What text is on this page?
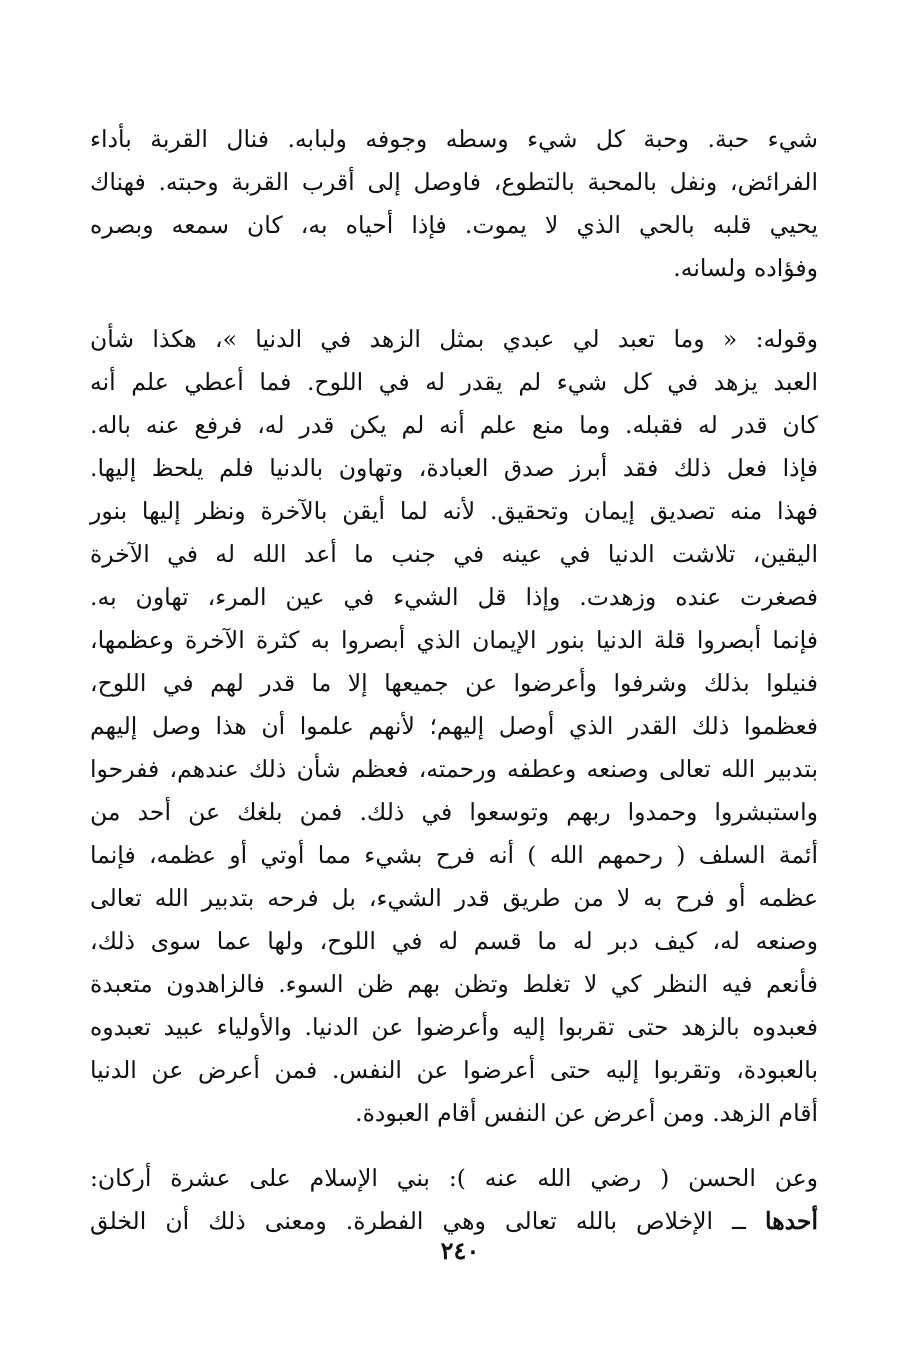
شيء حبة. وحبة كل شيء وسطه وجوفه ولبابه. فنال القربة بأداء
الفرائض، ونفل بالمحبة بالتطوع، فاوصل إلى أقرب القربة وحبته. فهناك
يحيي قلبه بالحي الذي لا يموت. فإذا أحياه به، كان سمعه وبصره
وفؤاده ولسانه.

وقوله: « وما تعبد لي عبدي بمثل الزهد في الدنيا »، هكذا شأن
العبد يزهد في كل شيء لم يقدر له في اللوح. فما أعطي علم أنه
كان قدر له فقبله. وما منع علم أنه لم يكن قدر له، فرفع عنه باله.
فإذا فعل ذلك فقد أبرز صدق العبادة، وتهاون بالدنيا فلم يلحظ إليها.
فهذا منه تصديق إيمان وتحقيق. لأنه لما أيقن بالآخرة ونظر إليها بنور
اليقين، تلاشت الدنيا في عينه في جنب ما أعد الله له في الآخرة
فصغرت عنده وزهدت. وإذا قل الشيء في عين المرء، تهاون به.
فإنما أبصروا قلة الدنيا بنور الإيمان الذي أبصروا به كثرة الآخرة وعظمها،
فنيلوا بذلك وشرفوا وأعرضوا عن جميعها إلا ما قدر لهم في اللوح،
فعظموا ذلك القدر الذي أوصل إليهم؛ لأنهم علموا أن هذا وصل إليهم
بتدبير الله تعالى وصنعه وعطفه ورحمته، فعظم شأن ذلك عندهم، ففرحوا
واستبشروا وحمدوا ربهم وتوسعوا في ذلك. فمن بلغك عن أحد من
أئمة السلف ( رحمهم الله ) أنه فرح بشيء مما أوتي أو عظمه، فإنما
عظمه أو فرح به لا من طريق قدر الشيء، بل فرحه بتدبير الله تعالى
وصنعه له، كيف دبر له ما قسم له في اللوح، ولها عما سوى ذلك،
فأنعم فيه النظر كي لا تغلط وتظن بهم ظن السوء. فالزاهدون متعبدة
فعبدوه بالزهد حتى تقربوا إليه وأعرضوا عن الدنيا. والأولياء عبيد تعبدوه
بالعبودة، وتقربوا إليه حتى أعرضوا عن النفس. فمن أعرض عن الدنيا
أقام الزهد. ومن أعرض عن النفس أقام العبودة.

وعن الحسن ( رضي الله عنه ): بني الإسلام على عشرة أركان:
أحدها ــ الإخلاص بالله تعالى وهي الفطرة. ومعنى ذلك أن الخلق

٢٤٠
